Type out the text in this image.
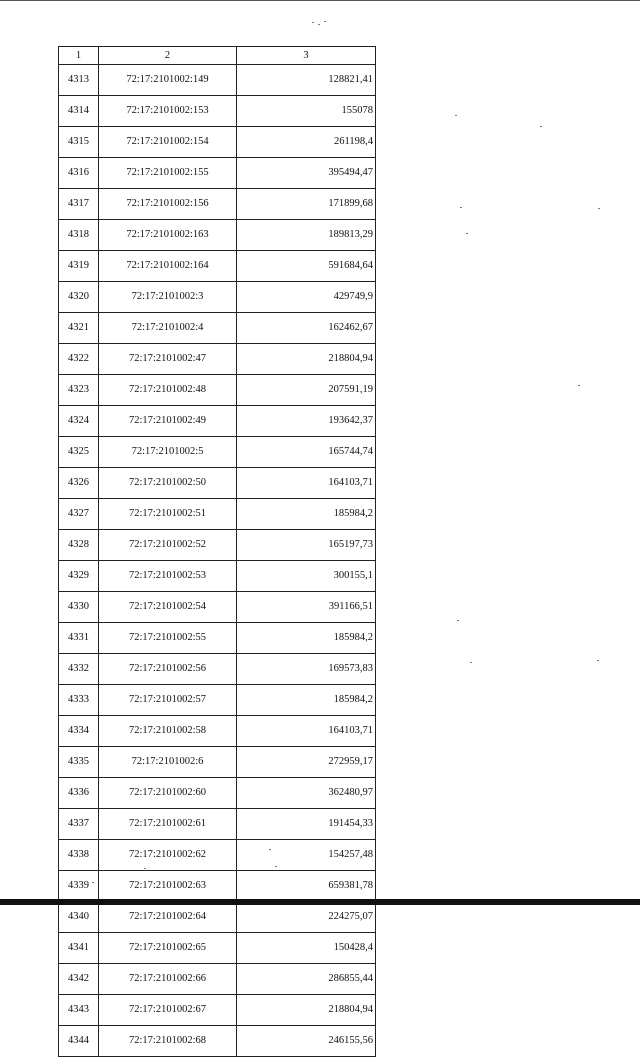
1	2	3
4313	72:17:2101002:149	128821,41
4314	72:17:2101002:153	155078
4315	72:17:2101002:154	261198,4
4316	72:17:2101002:155	395494,47
4317	72:17:2101002:156	171899,68
4318	72:17:2101002:163	189813,29
4319	72:17:2101002:164	591684,64
4320	72:17:2101002:3	429749,9
4321	72:17:2101002:4	162462,67
4322	72:17:2101002:47	218804,94
4323	72:17:2101002:48	207591,19
4324	72:17:2101002:49	193642,37
4325	72:17:2101002:5	165744,74
4326	72:17:2101002:50	164103,71
4327	72:17:2101002:51	185984,2
4328	72:17:2101002:52	165197,73
4329	72:17:2101002:53	300155,1
4330	72:17:2101002:54	391166,51
4331	72:17:2101002:55	185984,2
4332	72:17:2101002:56	169573,83
4333	72:17:2101002:57	185984,2
4334	72:17:2101002:58	164103,71
4335	72:17:2101002:6	272959,17
4336	72:17:2101002:60	362480,97
4337	72:17:2101002:61	191454,33
4338	72:17:2101002:62	154257,48
4339	72:17:2101002:63	659381,78
4340	72:17:2101002:64	224275,07
4341	72:17:2101002:65	150428,4
4342	72:17:2101002:66	286855,44
4343	72:17:2101002:67	218804,94
4344	72:17:2101002:68	246155,56
